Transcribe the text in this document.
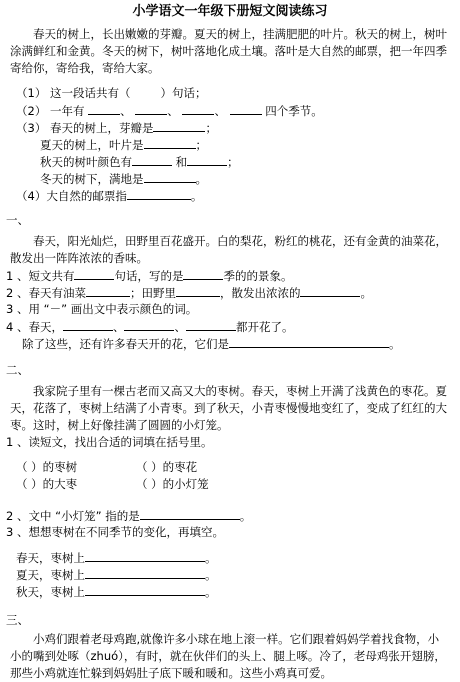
小学语文一年级下册短文阅读练习
春天的树上，长出嫩嫩的芽瓣。夏天的树上，挂满肥肥的叶片。秋天的树上，树叶涂满鲜红和金黄。冬天的树下，树叶落地化成土壤。落叶是大自然的邮票，把一年四季寄给你，寄给我，寄给大家。
（1） 这一段话共有（	）句话；
（2） 一年有	、	、	、	四个季节。
（3） 春天的树上，芽瓣是	；
夏天的树上，叶片是	；
秋天的树叶颜色有	和	；
冬天的树下，满地是	。
（4）大自然的邮票指	。
一、
春天，阳光灿烂，田野里百花盛开。白的梨花，粉红的桃花，还有金黄的油菜花，散发出一阵阵浓浓的香味。
1 、短文共有	句话，写的是	季的的景象。
2 、春天有油菜	；田野里	，散发出浓浓的	。
3 、用 “－” 画出文中表示颜色的词。
4 、春天，	、	、	都开花了。
除了这些，还有许多春天开的花，它们是	。
二、
我家院子里有一棵古老而又高又大的枣树。春天，枣树上开满了浅黄色的枣花。夏天，花落了，枣树上结满了小青枣。到了秋天，小青枣慢慢地变红了，变成了红红的大枣。这时，树上好像挂满了圆圆的小灯笼。
1 、读短文，找出合适的词填在括号里。
（ ）的枣树	（ ）的枣花
（ ）的大枣	（ ）的小灯笼
2 、文中 “小灯笼” 指的是	。
3 、想想枣树在不同季节的变化，再填空。
春天，枣树上	。
夏天，枣树上	。
秋天，枣树上	。
三、
小鸡们跟着老母鸡跑,就像许多小球在地上滚一样。它们跟着妈妈学着找食物，小小的嘴到处啄（zhuó），有时，就在伙伴们的头上、腿上啄。冷了，老母鸡张开翅膀，那些小鸡就连忙躲到妈妈肚子底下暖和暖和。这些小鸡真可爱。
